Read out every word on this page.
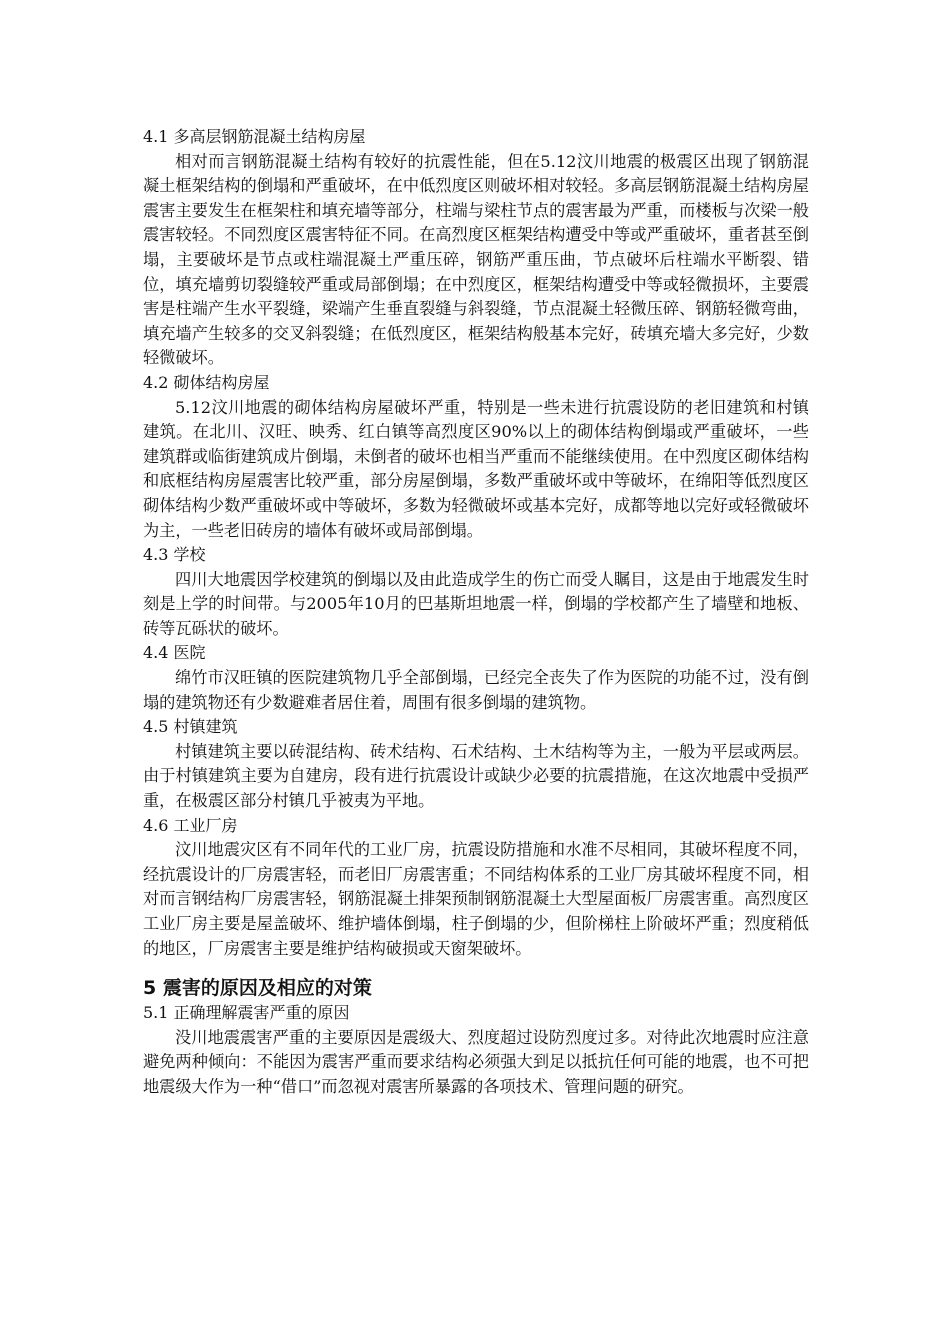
4.1 多高层钢筋混凝土结构房屋
相对而言钢筋混凝土结构有较好的抗震性能，但在5.12汶川地震的极震区出现了钢筋混凝土框架结构的倒塌和严重破坏，在中低烈度区则破坏相对较轻。多高层钢筋混凝土结构房屋震害主要发生在框架柱和填充墙等部分，柱端与梁柱节点的震害最为严重，而楼板与次梁一般震害较轻。不同烈度区震害特征不同。在高烈度区框架结构遭受中等或严重破坏，重者甚至倒塌，主要破坏是节点或柱端混凝土严重压碎，钢筋严重压曲，节点破坏后柱端水平断裂、错位，填充墙剪切裂缝较严重或局部倒塌；在中烈度区，框架结构遭受中等或轻微损坏，主要震害是柱端产生水平裂缝，梁端产生垂直裂缝与斜裂缝，节点混凝土轻微压碎、钢筋轻微弯曲，填充墙产生较多的交叉斜裂缝；在低烈度区，框架结构般基本完好，砖填充墙大多完好，少数轻微破坏。
4.2 砌体结构房屋
5.12汶川地震的砌体结构房屋破坏严重，特别是一些未进行抗震设防的老旧建筑和村镇建筑。在北川、汉旺、映秀、红白镇等高烈度区90%以上的砌体结构倒塌或严重破坏，一些建筑群或临街建筑成片倒塌，未倒者的破坏也相当严重而不能继续使用。在中烈度区砌体结构和底框结构房屋震害比较严重，部分房屋倒塌，多数严重破坏或中等破坏，在绵阳等低烈度区砌体结构少数严重破坏或中等破坏，多数为轻微破坏或基本完好，成都等地以完好或轻微破坏为主，一些老旧砖房的墙体有破坏或局部倒塌。
4.3 学校
四川大地震因学校建筑的倒塌以及由此造成学生的伤亡而受人瞩目，这是由于地震发生时刻是上学的时间带。与2005年10月的巴基斯坦地震一样，倒塌的学校都产生了墙壁和地板、砖等瓦砾状的破坏。
4.4 医院
绵竹市汉旺镇的医院建筑物几乎全部倒塌，已经完全丧失了作为医院的功能不过，没有倒塌的建筑物还有少数避难者居住着，周围有很多倒塌的建筑物。
4.5 村镇建筑
村镇建筑主要以砖混结构、砖术结构、石术结构、土木结构等为主，一般为平层或两层。由于村镇建筑主要为自建房，段有进行抗震设计或缺少必要的抗震措施，在这次地震中受损严重，在极震区部分村镇几乎被夷为平地。
4.6 工业厂房
汶川地震灾区有不同年代的工业厂房，抗震设防措施和水准不尽相同，其破坏程度不同，经抗震设计的厂房震害轻，而老旧厂房震害重；不同结构体系的工业厂房其破坏程度不同，相对而言钢结构厂房震害轻，钢筋混凝土排架预制钢筋混凝土大型屋面板厂房震害重。高烈度区工业厂房主要是屋盖破坏、维护墙体倒塌，柱子倒塌的少，但阶梯柱上阶破坏严重；烈度稍低的地区，厂房震害主要是维护结构破损或天窗架破坏。
5 震害的原因及相应的对策
5.1 正确理解震害严重的原因
没川地震震害严重的主要原因是震级大、烈度超过设防烈度过多。对待此次地震时应注意避免两种倾向：不能因为震害严重而要求结构必须强大到足以抵抗任何可能的地震，也不可把地震级大作为一种“借口”而忽视对震害所暴露的各项技术、管理问题的研究。
